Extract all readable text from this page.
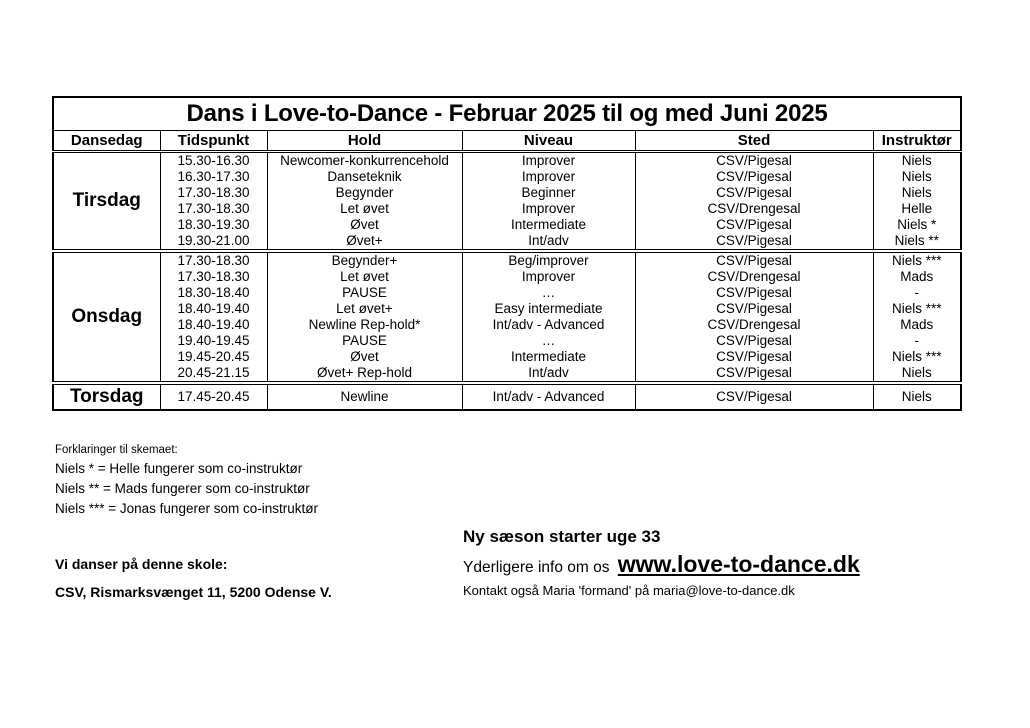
Dans i Love-to-Dance - Februar 2025 til og med Juni 2025					
Dansedag	Tidspunkt	Hold	Niveau	Sted	Instruktør
Tirsdag	15.30-16.30	Newcomer-konkurrencehold	Improver	CSV/Pigesal	Niels
	16.30-17.30	Danseteknik	Improver	CSV/Pigesal	Niels
	17.30-18.30	Begynder	Beginner	CSV/Pigesal	Niels
	17.30-18.30	Let øvet	Improver	CSV/Drengesal	Helle
	18.30-19.30	Øvet	Intermediate	CSV/Pigesal	Niels *
	19.30-21.00	Øvet+	Int/adv	CSV/Pigesal	Niels **
Onsdag	17.30-18.30	Begynder+	Beg/improver	CSV/Pigesal	Niels ***
	17.30-18.30	Let øvet	Improver	CSV/Drengesal	Mads
	18.30-18.40	PAUSE	…	CSV/Pigesal	-
	18.40-19.40	Let øvet+	Easy intermediate	CSV/Pigesal	Niels ***
	18.40-19.40	Newline Rep-hold*	Int/adv - Advanced	CSV/Drengesal	Mads
	19.40-19.45	PAUSE	…	CSV/Pigesal	-
	19.45-20.45	Øvet	Intermediate	CSV/Pigesal	Niels ***
	20.45-21.15	Øvet+ Rep-hold	Int/adv	CSV/Pigesal	Niels
Torsdag	17.45-20.45	Newline	Int/adv - Advanced	CSV/Pigesal	Niels
Forklaringer til skemaet:
Niels * = Helle fungerer som co-instruktør
Niels ** = Mads fungerer som co-instruktør
Niels *** = Jonas fungerer som co-instruktør
Vi danser på denne skole:
CSV, Rismarksvænget 11, 5200 Odense V.
Ny sæson starter uge 33
Yderligere info om os www.love-to-dance.dk
Kontakt også Maria 'formand' på maria@love-to-dance.dk
